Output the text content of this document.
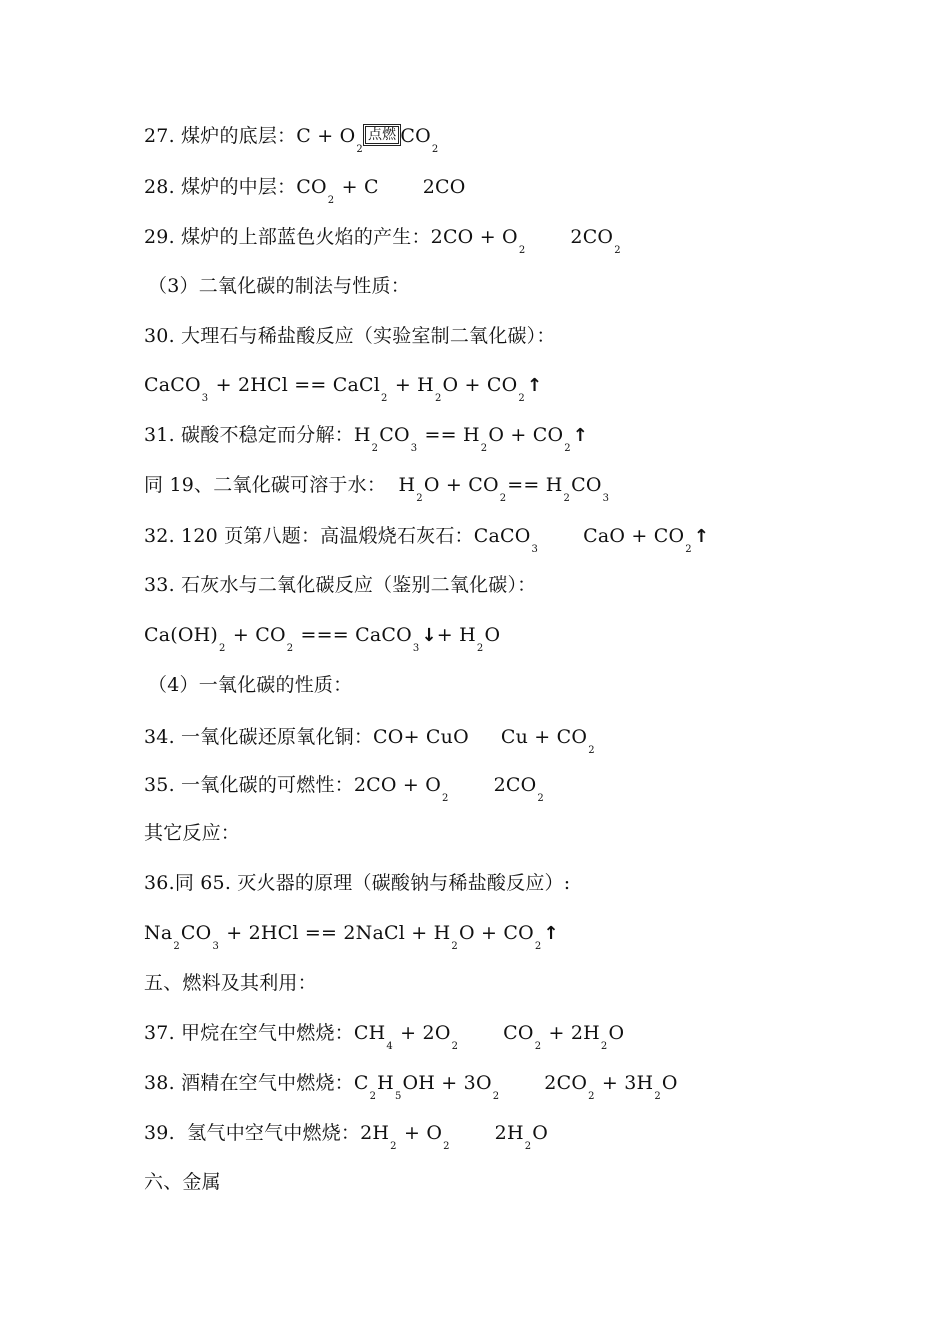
27. 煤炉的底层：C + O2点燃 CO2
28. 煤炉的中层：CO2 + C 2CO
29. 煤炉的上部蓝色火焰的产生：2CO + O22CO2
（3）二氧化碳的制法与性质：
30. 大理石与稀盐酸反应（实验室制二氧化碳）：
CaCO3 + 2HCl == CaCl2 + H2O + CO2↑
31. 碳酸不稳定而分解：H2CO3 == H2O + CO2↑
同 19、二氧化碳可溶于水：  H2O + CO2== H2CO3
32. 120 页第八题：高温煅烧石灰石：CaCO3CaO + CO2↑
33. 石灰水与二氧化碳反应（鉴别二氧化碳）：
Ca(OH)2 + CO2 === CaCO3↓+ H2O
（4）一氧化碳的性质：
34. 一氧化碳还原氧化铜：CO+ CuO Cu + CO2
35. 一氧化碳的可燃性：2CO + O22CO2
其它反应：
36.同 65. 灭火器的原理（碳酸钠与稀盐酸反应）:
Na2CO3 + 2HCl == 2NaCl + H2O + CO2↑
五、燃料及其利用：
37. 甲烷在空气中燃烧：CH4 + 2O2CO2 + 2H2O
38. 酒精在空气中燃烧：C2H5OH + 3O22CO2 + 3H2O
39.  氢气中空气中燃烧：2H2 + O22H2O
六、金属
